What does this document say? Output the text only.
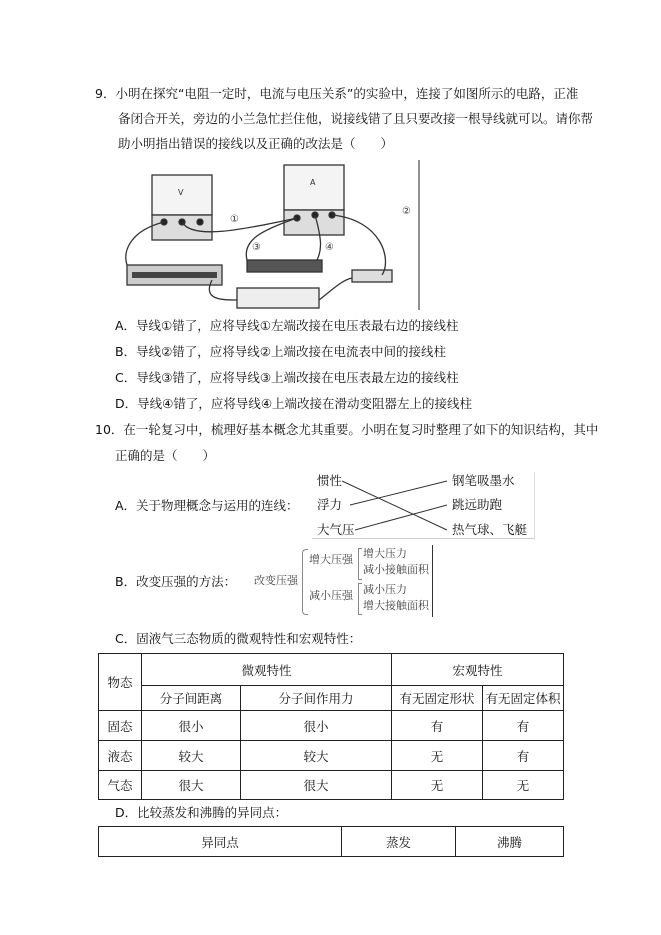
9．小明在探究“电阻一定时，电流与电压关系”的实验中，连接了如图所示的电路，正准
备闭合开关，旁边的小兰急忙拦住他，说接线错了且只要改接一根导线就可以。请你帮
助小明指出错误的接线以及正确的改法是（　　）
V
A
①
②
③	④
A．导线①错了，应将导线①左端改接在电压表最右边的接线柱
B．导线②错了，应将导线②上端改接在电流表中间的接线柱
C．导线③错了，应将导线③上端改接在电压表最左边的接线柱
D．导线④错了，应将导线④上端改接在滑动变阻器左上的接线柱
10．在一轮复习中，梳理好基本概念尤其重要。小明在复习时整理了如下的知识结构，其中
正确的是（　　）
A．关于物理概念与运用的连线：
惯性
浮力
大气压
钢笔吸墨水
跳远助跑
热气球、飞艇
B．改变压强的方法： 改变压强
增大压强
减小压强
增大压力
减小接触面积
减小压力
增大接触面积
C．固液气三态物质的微观特性和宏观特性：
物态	微观特性		宏观特性	
	分子间距离	分子间作用力	有无固定形状	有无固定体积
固态	很小	很小	有	有
液态	较大	较大	无	有
气态	很大	很大	无	无
D．比较蒸发和沸腾的异同点：
异同点	蒸发	沸腾
